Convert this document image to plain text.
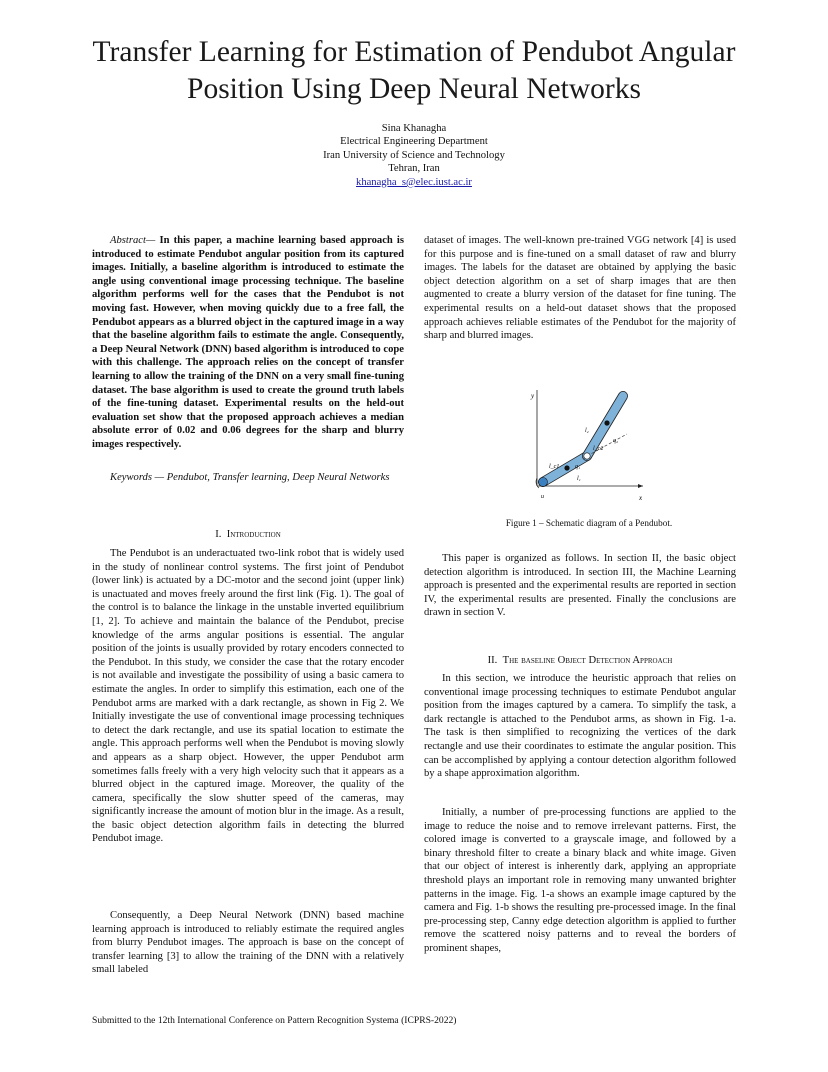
Transfer Learning for Estimation of Pendubot Angular Position Using Deep Neural Networks
Sina Khanagha
Electrical Engineering Department
Iran University of Science and Technology
Tehran, Iran
khanagha_s@elec.iust.ac.ir

Abstract— In this paper, a machine learning based approach is introduced to estimate Pendubot angular position from its captured images. Initially, a baseline algorithm is introduced to estimate the angle using conventional image processing technique. The baseline algorithm performs well for the cases that the Pendubot is not moving fast. However, when moving quickly due to a free fall, the Pendubot appears as a blurred object in the captured image in a way that the baseline algorithm fails to estimate the angle. Consequently, a Deep Neural Network (DNN) based algorithm is introduced to cope with this challenge. The approach relies on the concept of transfer learning to allow the training of the DNN on a very small fine-tuning dataset. The base algorithm is used to create the ground truth labels of the fine-tuning dataset. Experimental results on the held-out evaluation set show that the proposed approach achieves a median absolute error of 0.02 and 0.06 degrees for the sharp and blurry images respectively.

Keywords — Pendubot, Transfer learning, Deep Neural Networks

I. Introduction

The Pendubot is an underactuated two-link robot that is widely used in the study of nonlinear control systems. The first joint of Pendubot (lower link) is actuated by a DC-motor and the second joint (upper link) is unactuated and moves freely around the first link (Fig. 1). The goal of the control is to balance the linkage in the unstable inverted equilibrium [1, 2]. To achieve and maintain the balance of the Pendubot, precise knowledge of the arms angular positions is essential. The angular position of the joints is usually provided by rotary encoders connected to the Pendubot. In this study, we consider the case that the rotary encoder is not available and investigate the possibility of using a basic camera to estimate the angles. In order to simplify this estimation, each one of the Pendubot arms are marked with a dark rectangle, as shown in Fig 2. We Initially investigate the use of conventional image processing techniques to detect the dark rectangle, and use its spatial location to estimate the angle. This approach performs well when the Pendubot is moving slowly and appears as a sharp object. However, the upper Pendubot arm sometimes falls freely with a very high velocity such that it appears as a blurred object in the captured image. Moreover, the quality of the camera, specifically the slow shutter speed of the cameras, may significantly increase the amount of motion blur in the image. As a result, the basic object detection algorithm fails in detecting the blurred Pendubot image.

Consequently, a Deep Neural Network (DNN) based machine learning approach is introduced to reliably estimate the required angles from blurry Pendubot images. The approach is base on the concept of transfer learning [3] to allow the training of the DNN with a relatively small labeled

dataset of images. The well-known pre-trained VGG network [4] is used for this purpose and is fine-tuned on a small dataset of raw and blurry images. The labels for the dataset are obtained by applying the basic object detection algorithm on a set of sharp images that are then augmented to create a blurry version of the dataset for fine tuning. The experimental results on a held-out dataset shows that the proposed approach achieves reliable estimates of the Pendubot for the majority of sharp and blurred images.

y
x
u
l_c1
l₁
q₁
l₂
l_c2
q₂
Figure 1 – Schematic diagram of a Pendubot.

This paper is organized as follows. In section II, the basic object detection algorithm is introduced. In section III, the Machine Learning approach is presented and the experimental results are reported in section IV, the experimental results are presented. Finally the conclusions are drawn in section V.

II. The baseline Object Detection Approach

In this section, we introduce the heuristic approach that relies on conventional image processing techniques to estimate Pendubot angular position from the images captured by a camera. To simplify the task, a dark rectangle is attached to the Pendubot arms, as shown in Fig. 1-a. The task is then simplified to recognizing the vertices of the dark rectangle and use their coordinates to estimate the angular position. This can be accomplished by applying a contour detection algorithm followed by a shape approximation algorithm.

Initially, a number of pre-processing functions are applied to the image to reduce the noise and to remove irrelevant patterns. First, the colored image is converted to a grayscale image, and followed by a binary threshold filter to create a binary black and white image. Given that our object of interest is inherently dark, applying an appropriate threshold plays an important role in removing many unwanted brighter patterns in the image. Fig. 1-a shows an example image captured by the camera and Fig. 1-b shows the resulting pre-processed image. In the final pre-processing step, Canny edge detection algorithm is applied to further remove the scattered noisy patterns and to reveal the borders of prominent shapes,

Submitted to the 12th International Conference on Pattern Recognition Systema (ICPRS-2022)
